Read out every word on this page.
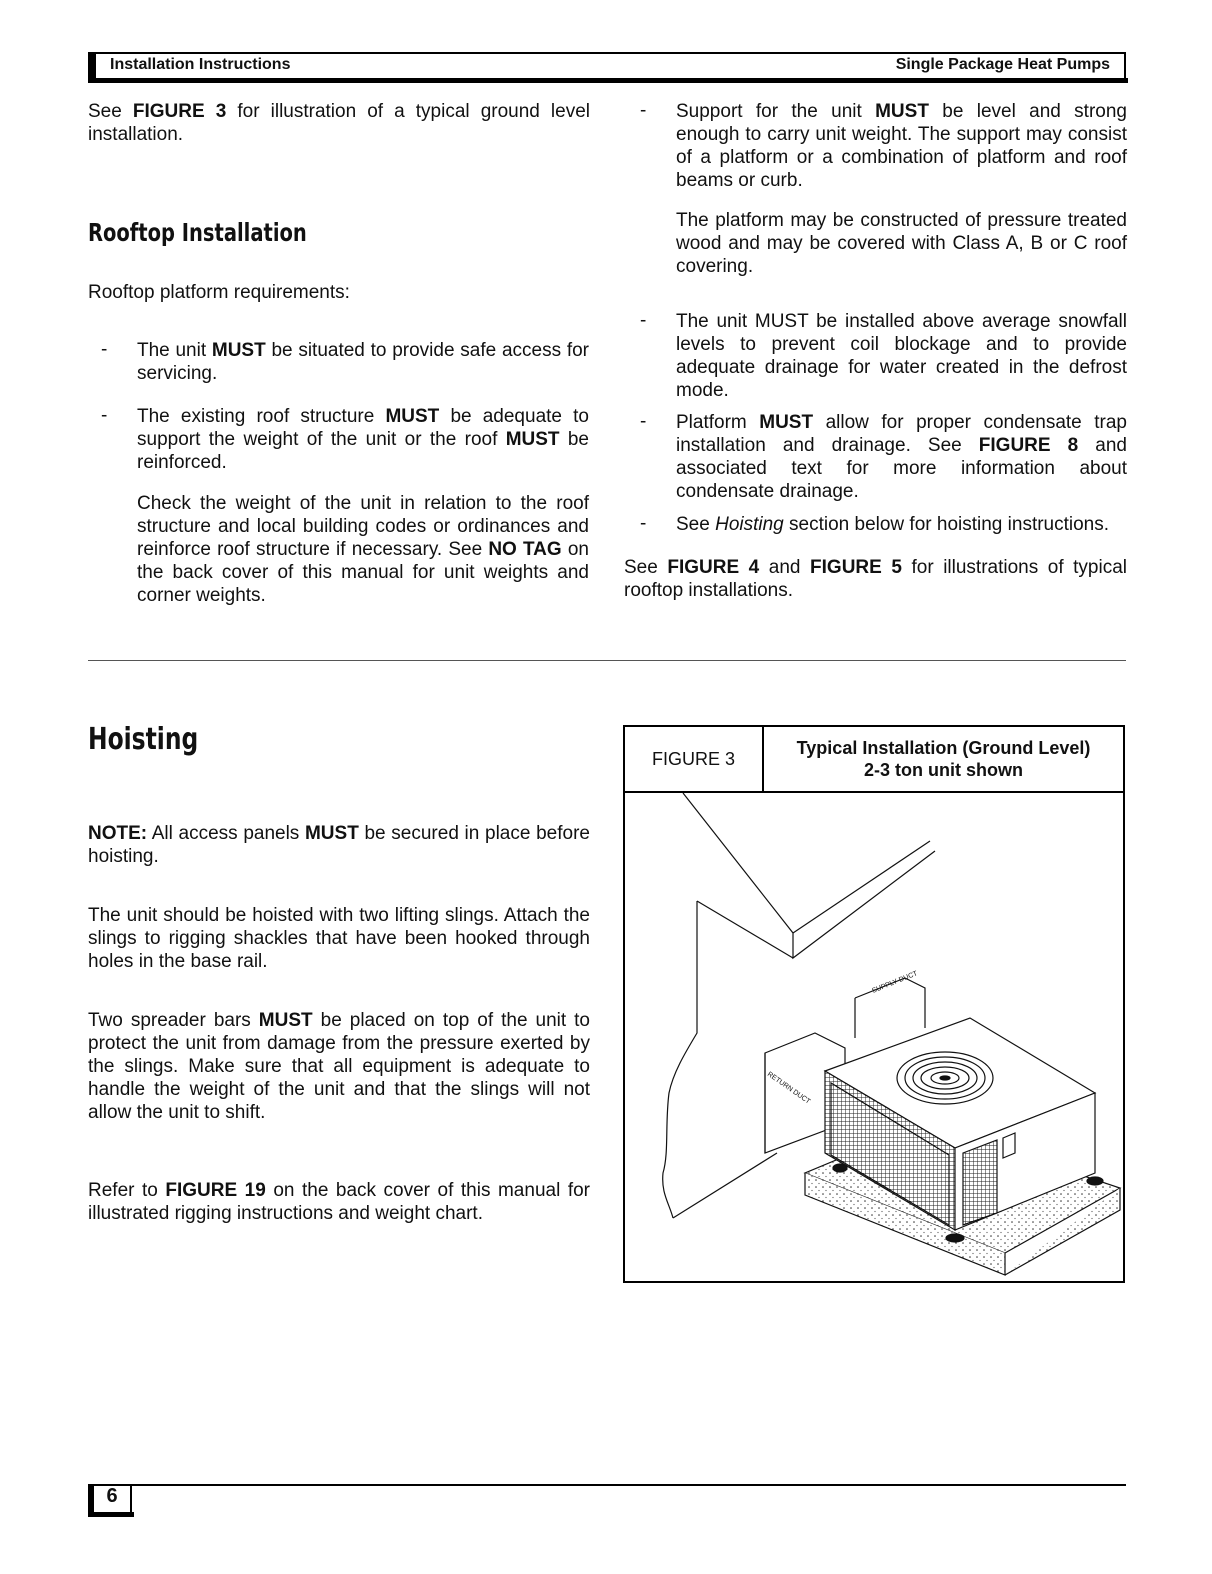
Installation Instructions	Single Package Heat Pumps

See FIGURE 3 for illustration of a typical ground level installation.

Rooftop Installation

Rooftop platform requirements:

- The unit MUST be situated to provide safe access for servicing.

- The existing roof structure MUST be adequate to support the weight of the unit or the roof MUST be reinforced.

Check the weight of the unit in relation to the roof structure and local building codes or ordinances and reinforce roof structure if necessary. See NO TAG on the back cover of this manual for unit weights and corner weights.

Hoisting

NOTE: All access panels MUST be secured in place before hoisting.

The unit should be hoisted with two lifting slings. Attach the slings to rigging shackles that have been hooked through holes in the base rail.

Two spreader bars MUST be placed on top of the unit to protect the unit from damage from the pressure exerted by the slings. Make sure that all equipment is adequate to handle the weight of the unit and that the slings will not allow the unit to shift.

Refer to FIGURE 19 on the back cover of this manual for illustrated rigging instructions and weight chart.

- Support for the unit MUST be level and strong enough to carry unit weight. The support may consist of a platform or a combination of platform and roof beams or curb.

The platform may be constructed of pressure treated wood and may be covered with Class A, B or C roof covering.

- The unit MUST be installed above average snowfall levels to prevent coil blockage and to provide adequate drainage for water created in the defrost mode.

- Platform MUST allow for proper condensate trap installation and drainage. See FIGURE 8 and associated text for more information about condensate drainage.

- See Hoisting section below for hoisting instructions.

See FIGURE 4 and FIGURE 5 for illustrations of typical rooftop installations.

FIGURE 3
Typical Installation (Ground Level)
2-3 ton unit shown
RETURN DUCT
SUPPLY DUCT
6
